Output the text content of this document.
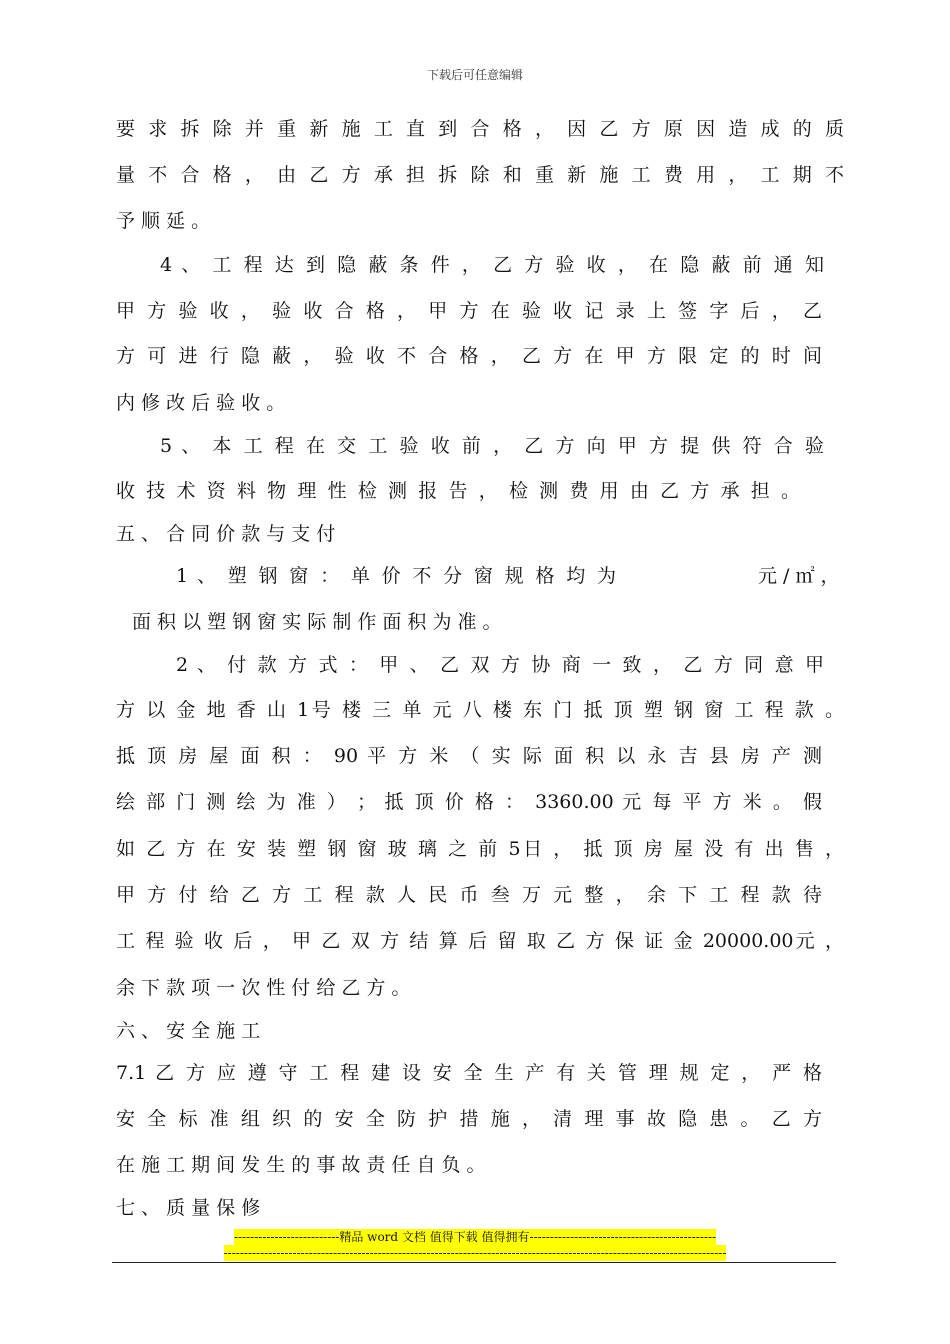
下载后可任意编辑
要 求 拆 除 并 重 新 施 工 直 到 合 格 ， 因 乙 方 原 因 造 成 的 质
量 不 合 格 ， 由 乙 方 承 担 拆 除 和 重 新 施 工 费 用 ， 工 期 不
予 顺 延 。
4 、 工 程 达 到 隐 蔽 条 件 ， 乙 方 验 收 ， 在 隐 蔽 前 通 知
甲 方 验 收 ， 验 收 合 格 ， 甲 方 在 验 收 记 录 上 签 字 后 ， 乙
方 可 进 行 隐 蔽 ， 验 收 不 合 格 ， 乙 方 在 甲 方 限 定 的 时 间
内 修 改 后 验 收 。
5 、 本 工 程 在 交 工 验 收 前 ， 乙 方 向 甲 方 提 供 符 合 验
收 技 术 资 料 物 理 性 检 测 报 告 ， 检 测 费 用 由 乙 方 承 担 。
五 、 合 同 价 款 与 支 付
1 、 塑 钢 窗 ： 单 价 不 分 窗 规 格 均 为	元 / ㎡ ，
面 积 以 塑 钢 窗 实 际 制 作 面 积 为 准 。
2 、 付 款 方 式 ： 甲 、 乙 双 方 协 商 一 致 ， 乙 方 同 意 甲
方 以 金 地 香 山 1号 楼 三 单 元 八 楼 东 门 抵 顶 塑 钢 窗 工 程 款 。
抵 顶 房 屋 面 积 ： 90 平 方 米 （ 实 际 面 积 以 永 吉 县 房 产 测
绘 部 门 测 绘 为 准 ） ； 抵 顶 价 格 ： 3360.00 元 每 平 方 米 。 假
如 乙 方 在 安 装 塑 钢 窗 玻 璃 之 前 5日 ， 抵 顶 房 屋 没 有 出 售 ，
甲 方 付 给 乙 方 工 程 款 人 民 币 叁 万 元 整 ， 余 下 工 程 款 待
工 程 验 收 后 ， 甲 乙 双 方 结 算 后 留 取 乙 方 保 证 金 20000.00元 ，
余 下 款 项 一 次 性 付 给 乙 方 。
六 、 安 全 施 工
7.1 乙 方 应 遵 守 工 程 建 设 安 全 生 产 有 关 管 理 规 定 ， 严 格
安 全 标 准 组 织 的 安 全 防 护 措 施 ， 清 理 事 故 隐 患 。 乙 方
在 施 工 期 间 发 生 的 事 故 责 任 自 负 。
七 、 质 量 保 修
--------------------------精品 word 文档 值得下载 值得拥有----------------------------------------------
----------------------------------------------------------------------------------------------------------------------------
